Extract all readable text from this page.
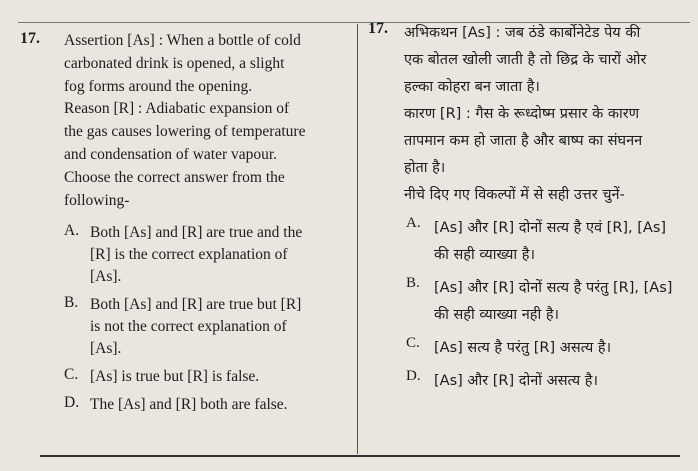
17.	Assertion [As] : When a bottle of cold
carbonated drink is opened, a slight
fog forms around the opening.
Reason [R] : Adiabatic expansion of
the gas causes lowering of temperature
and condensation of water vapour.
Choose the correct answer from the
following-
A. Both [As] and [R] are true and the
[R] is the correct explanation of
[As].
B. Both [As] and [R] are true but [R]
is not the correct explanation of
[As].
C. [As] is true but [R] is false.
D. The [As] and [R] both are false.
17.	अभिकथन [As] : जब ठंडे कार्बोनेटेड पेय की
एक बोतल खोली जाती है तो छिद्र के चारों ओर
हल्का कोहरा बन जाता है।
कारण [R] : गैस के रूध्दोष्म प्रसार के कारण
तापमान कम हो जाता है और बाष्प का संघनन
होता है।
नीचे दिए गए विकल्पों में से सही उत्तर चुनें-
A. [As] और [R] दोनों सत्य है एवं [R], [As]
की सही व्याख्या है।
B. [As] और [R] दोनों सत्य है परंतु [R], [As]
की सही व्याख्या नही है।
C. [As] सत्य है परंतु [R] असत्य है।
D. [As] और [R] दोनों असत्य है।
